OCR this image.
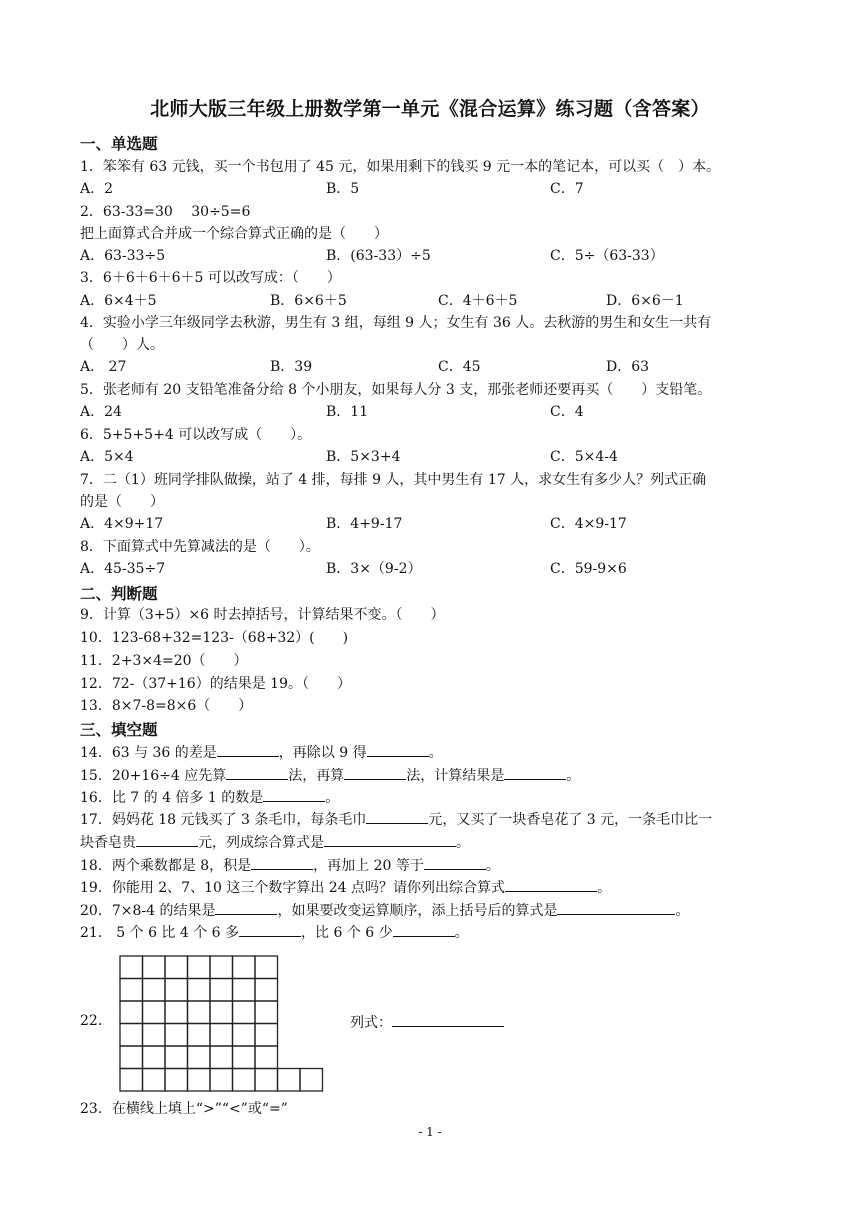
北师大版三年级上册数学第一单元《混合运算》练习题（含答案）
一、单选题
1．笨笨有 63 元钱，买一个书包用了 45 元，如果用剩下的钱买 9 元一本的笔记本，可以买（　）本。
A．2	B．5	C．7
2．63-33=30　 30÷5=6
把上面算式合并成一个综合算式正确的是（　　）
A．63-33÷5	B．(63-33）÷5	C．5÷（63-33）
3．6＋6＋6＋6＋5 可以改写成：（　　）
A．6×4＋5	B．6×6＋5	C．4＋6＋5	D．6×6－1
4．实验小学三年级同学去秋游，男生有 3 组，每组 9 人；女生有 36 人。去秋游的男生和女生一共有
（　　）人。
A． 27	B．39	C．45	D．63
5．张老师有 20 支铅笔准备分给 8 个小朋友，如果每人分 3 支，那张老师还要再买（　　）支铅笔。
A．24	B．11	C．4
6．5+5+5+4 可以改写成（　　）。
A．5×4	B．5×3+4	C．5×4-4
7．二（1）班同学排队做操，站了 4 排，每排 9 人，其中男生有 17 人，求女生有多少人？列式正确
的是（　　）
A．4×9+17	B．4+9-17	C．4×9-17
8．下面算式中先算减法的是（　　）。
A．45-35÷7	B．3×（9-2）	C．59-9×6
二、判断题
9．计算（3+5）×6 时去掉括号，计算结果不变。（　　）
10．123-68+32=123-（68+32）(　　)
11．2+3×4=20（　　）
12．72-（37+16）的结果是 19。（　　）
13．8×7-8=8×6（　　）
三、填空题
14．63 与 36 的差是	，再除以 9 得	。
15．20+16÷4 应先算	法，再算	法，计算结果是	。
16．比 7 的 4 倍多 1 的数是	。
17．妈妈花 18 元钱买了 3 条毛巾，每条毛巾	元，又买了一块香皂花了 3 元，一条毛巾比一
块香皂贵	元，列成综合算式是	。
18．两个乘数都是 8，积是	，再加上 20 等于	。
19．你能用 2、7、10 这三个数字算出 24 点吗？请你列出综合算式	。
20．7×8-4 的结果是	，如果要改变运算顺序，添上括号后的算式是	。
21． 5 个 6 比 4 个 6 多	，比 6 个 6 少	。
22．	列式：
23．在横线上填上“>”“<”或“=”
- 1 -
